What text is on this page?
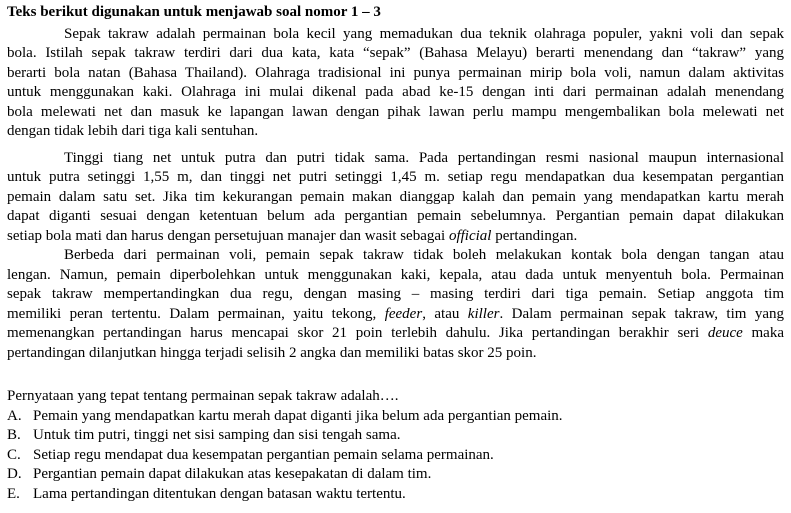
Teks berikut digunakan untuk menjawab soal nomor 1 – 3
Sepak takraw adalah permainan bola kecil yang memadukan dua teknik olahraga populer, yakni voli dan sepak
bola. Istilah sepak takraw terdiri dari dua kata, kata “sepak” (Bahasa Melayu) berarti menendang dan “takraw” yang
berarti bola natan (Bahasa Thailand). Olahraga tradisional ini punya permainan mirip bola voli, namun dalam aktivitas
untuk menggunakan kaki. Olahraga ini mulai dikenal pada abad ke-15 dengan inti dari permainan adalah menendang
bola melewati net dan masuk ke lapangan lawan dengan pihak lawan perlu mampu mengembalikan bola melewati net
dengan tidak lebih dari tiga kali sentuhan.
Tinggi tiang net untuk putra dan putri tidak sama. Pada pertandingan resmi nasional maupun internasional
untuk putra setinggi 1,55 m, dan tinggi net putri setinggi 1,45 m. setiap regu mendapatkan dua kesempatan pergantian
pemain dalam satu set. Jika tim kekurangan pemain makan dianggap kalah dan pemain yang mendapatkan kartu merah
dapat diganti sesuai dengan ketentuan belum ada pergantian pemain sebelumnya. Pergantian pemain dapat dilakukan
setiap bola mati dan harus dengan persetujuan manajer dan wasit sebagai official pertandingan.
Berbeda dari permainan voli, pemain sepak takraw tidak boleh melakukan kontak bola dengan tangan atau
lengan. Namun, pemain diperbolehkan untuk menggunakan kaki, kepala, atau dada untuk menyentuh bola. Permainan
sepak takraw mempertandingkan dua regu, dengan masing – masing terdiri dari tiga pemain. Setiap anggota tim
memiliki peran tertentu. Dalam permainan, yaitu tekong, feeder, atau killer. Dalam permainan sepak takraw, tim yang
memenangkan pertandingan harus mencapai skor 21 poin terlebih dahulu. Jika pertandingan berakhir seri deuce maka
pertandingan dilanjutkan hingga terjadi selisih 2 angka dan memiliki batas skor 25 poin.
Pernyataan yang tepat tentang permainan sepak takraw adalah….
A. Pemain yang mendapatkan kartu merah dapat diganti jika belum ada pergantian pemain.
B. Untuk tim putri, tinggi net sisi samping dan sisi tengah sama.
C. Setiap regu mendapat dua kesempatan pergantian pemain selama permainan.
D. Pergantian pemain dapat dilakukan atas kesepakatan di dalam tim.
E. Lama pertandingan ditentukan dengan batasan waktu tertentu.
